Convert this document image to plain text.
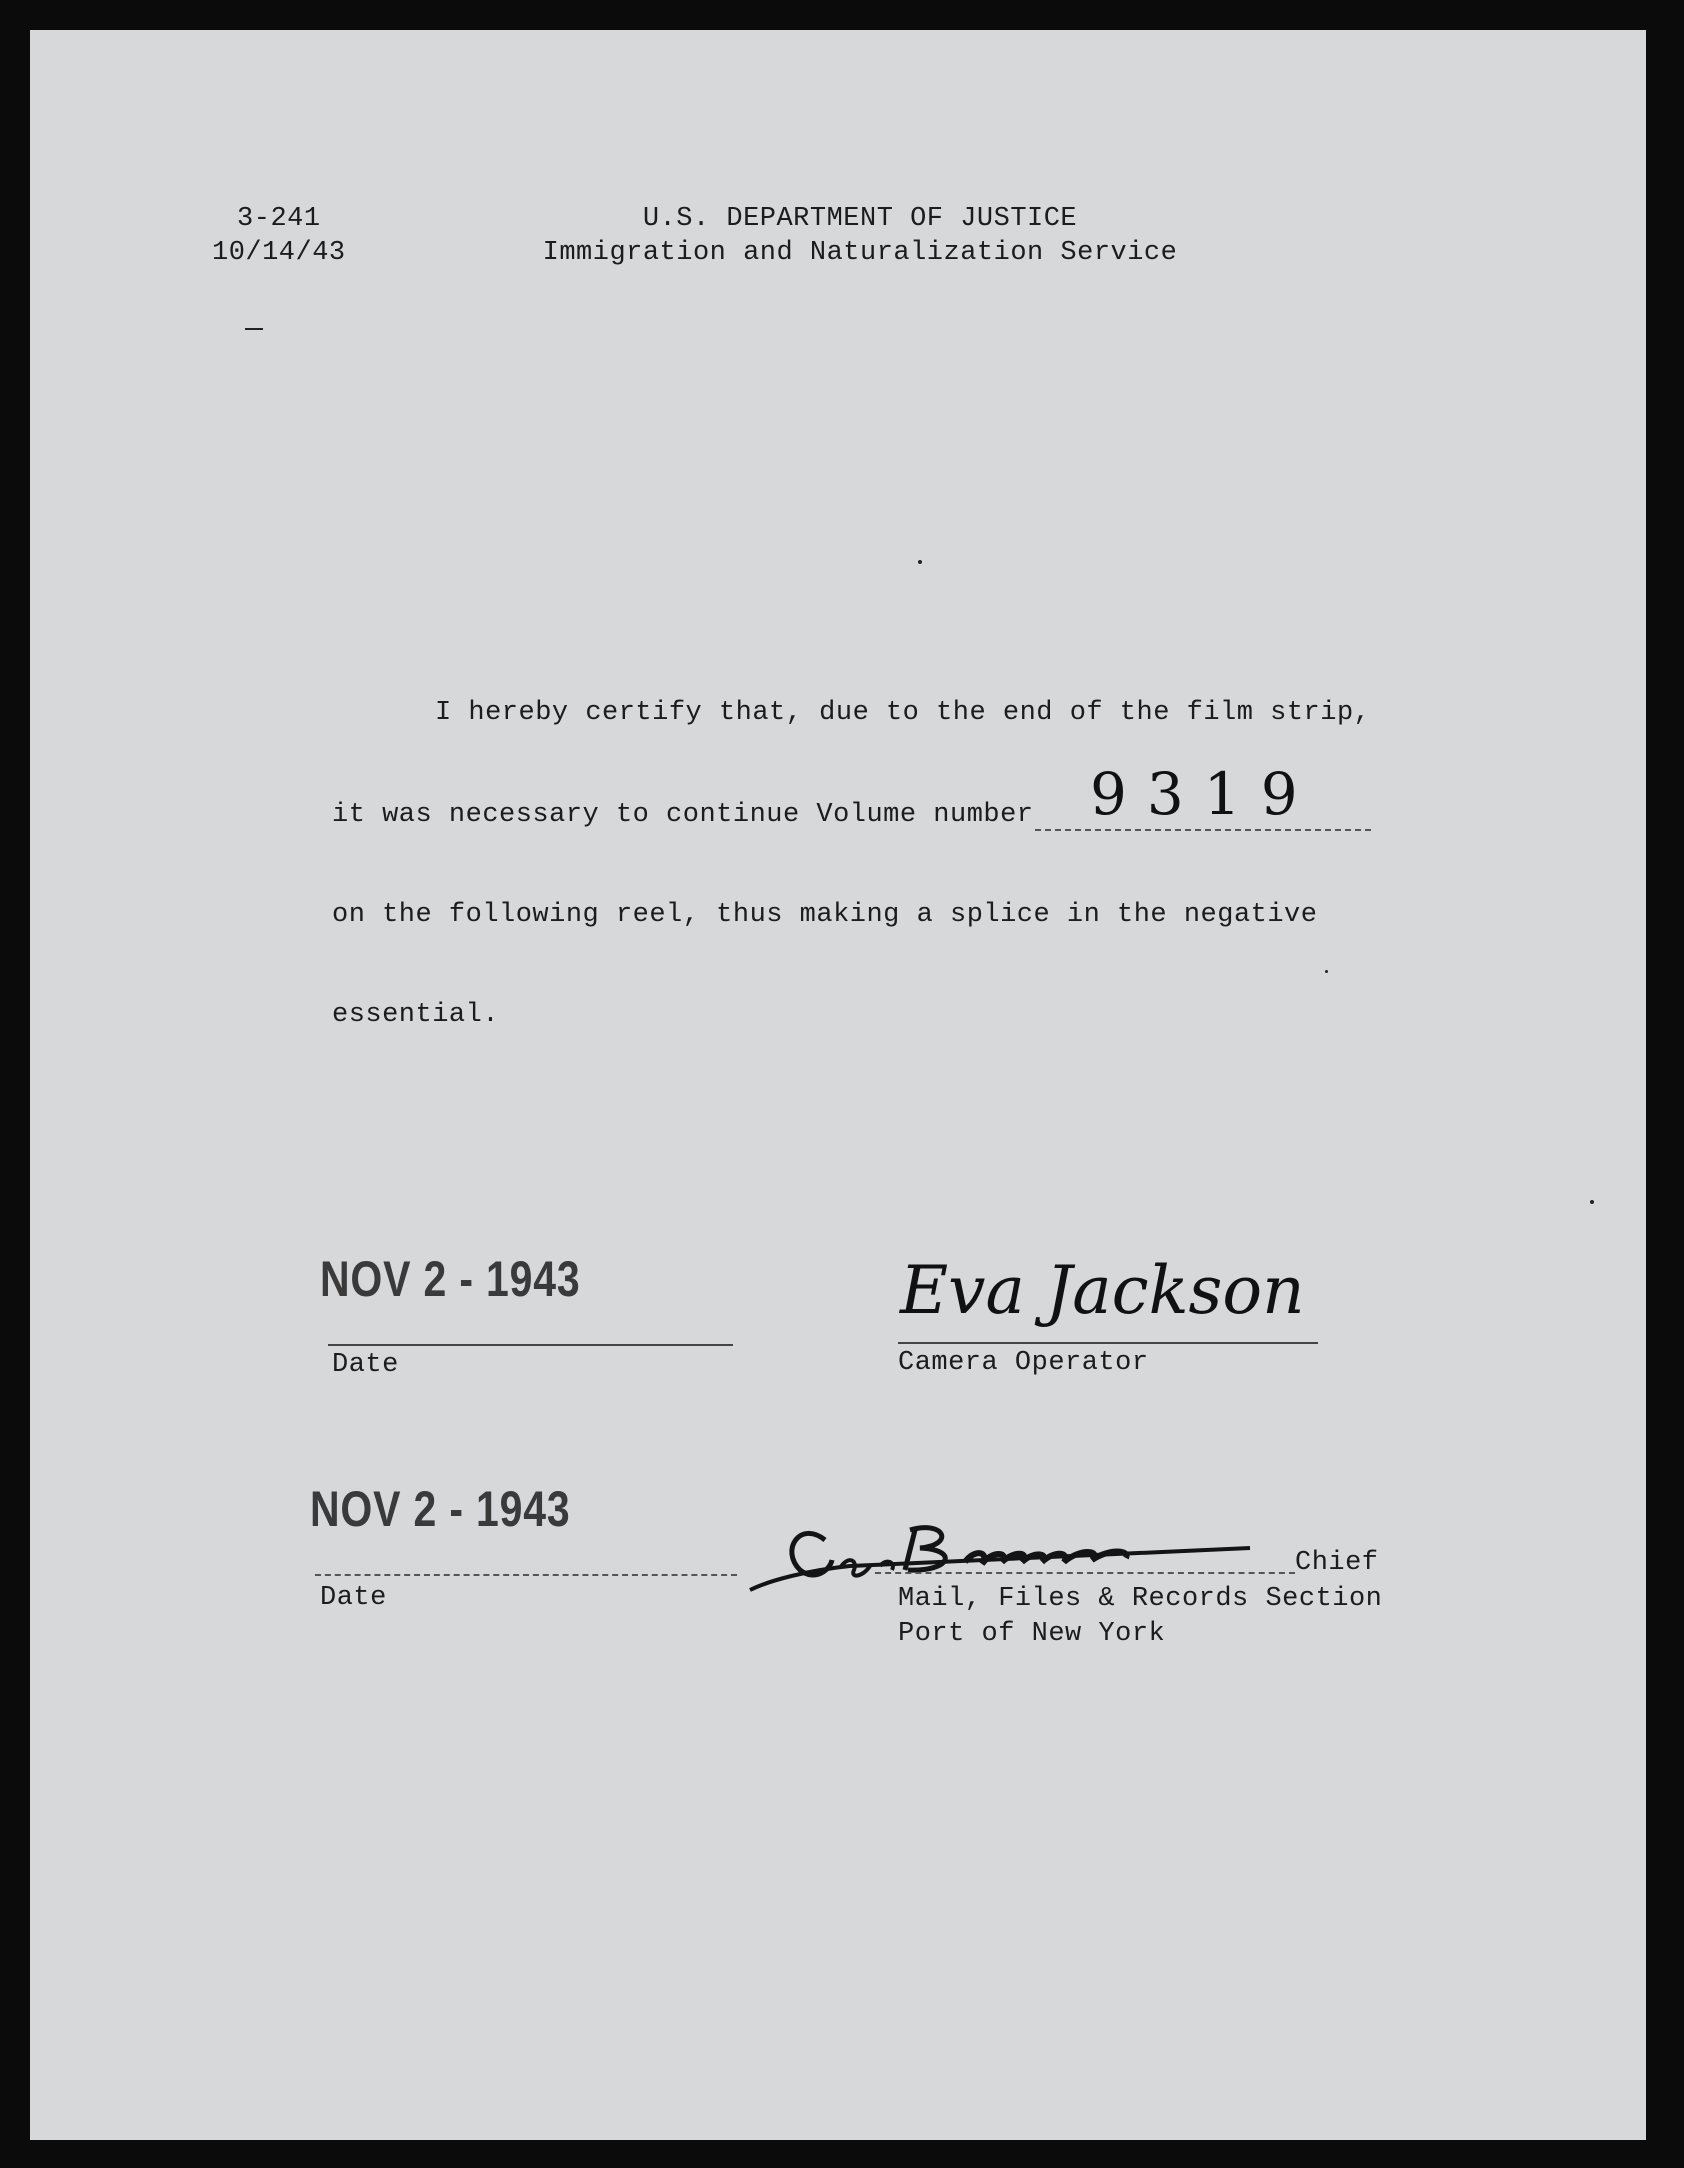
3-241
10/14/43
U.S. DEPARTMENT OF JUSTICE
Immigration and Naturalization Service
I hereby certify that, due to the end of the film strip,
it was necessary to continue Volume number 9319
on the following reel, thus making a splice in the negative
essential.
NOV 2 - 1943
Date
Eva Jackson
Camera Operator
NOV 2 - 1943
Date
Chief
Mail, Files & Records Section
Port of New York
